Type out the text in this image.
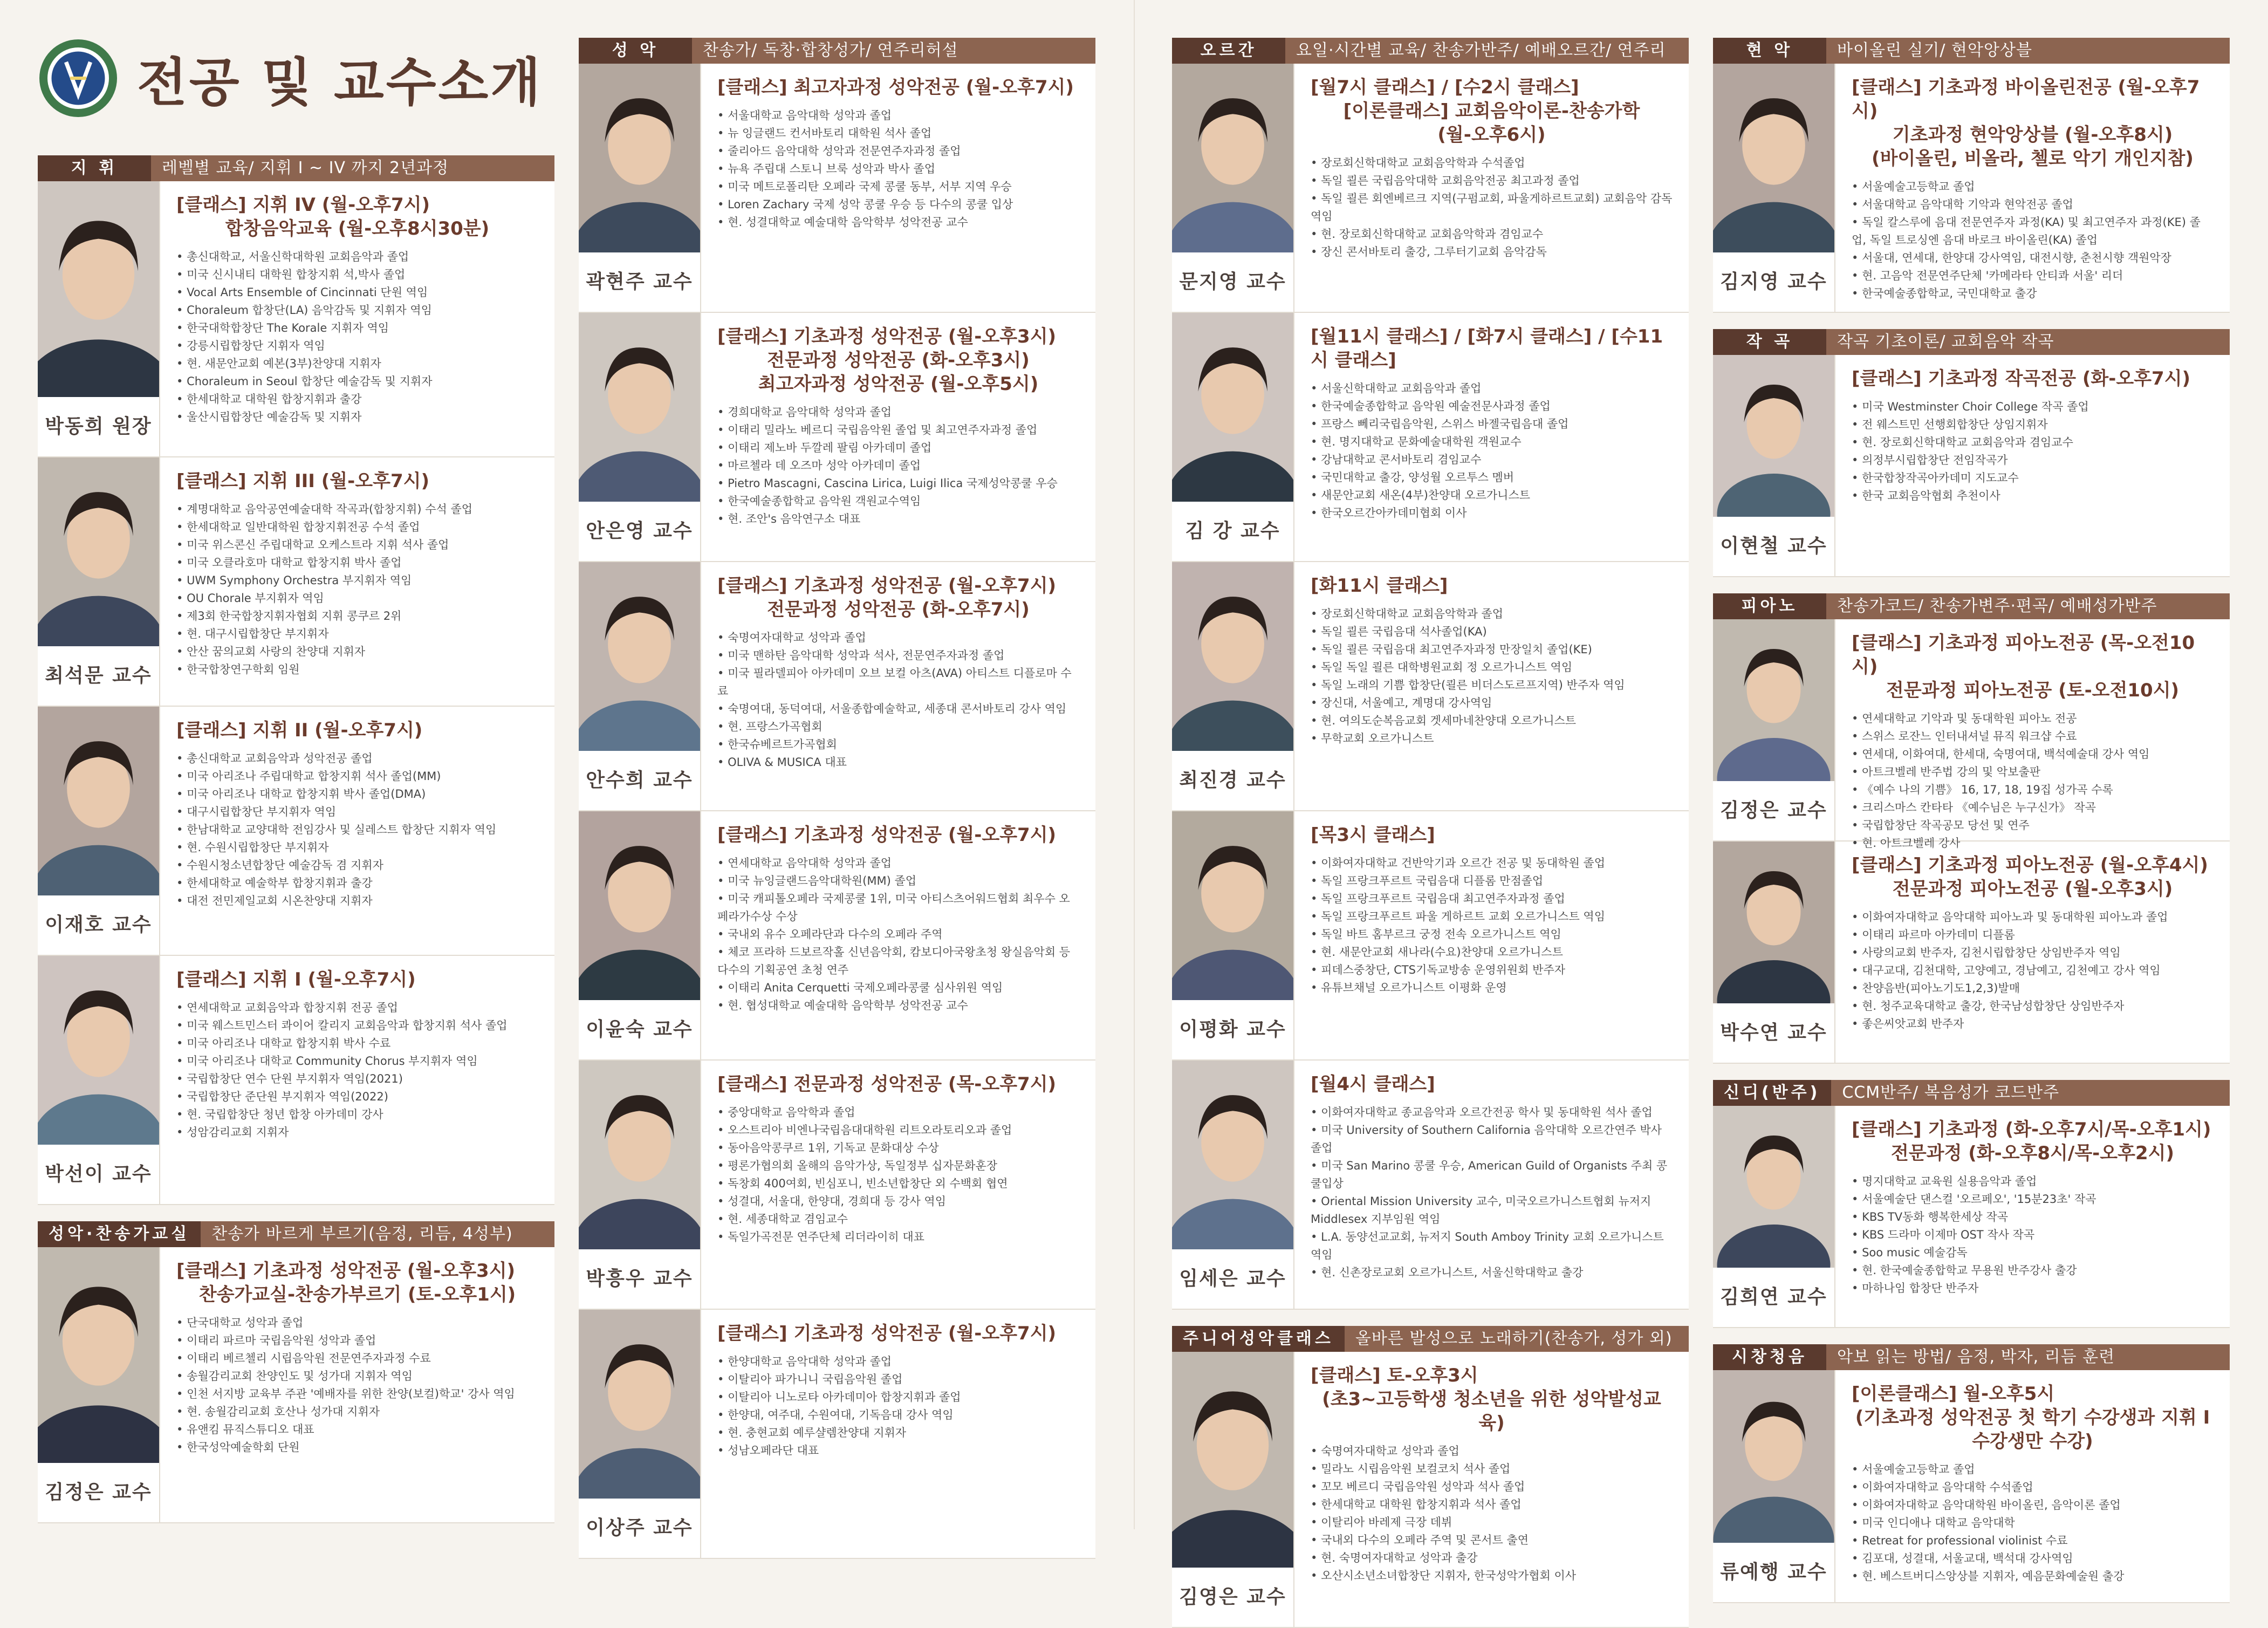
전공 및 교수소개
지 휘	레벨별 교육/ 지휘 I ~ IV 까지 2년과정
박동희 원장
[클래스] 지휘 IV (월-오후7시)
합창음악교육 (월-오후8시30분)
• 총신대학교, 서울신학대학원 교회음악과 졸업
• 미국 신시내티 대학원 합창지휘 석,박사 졸업
• Vocal Arts Ensemble of Cincinnati 단원 역임
• Choraleum 합창단(LA) 음악감독 및 지휘자 역임
• 한국대학합창단 The Korale 지휘자 역임
• 강릉시립합창단 지휘자 역임
• 현. 새문안교회 예본(3부)찬양대 지휘자
• Choraleum in Seoul 합창단 예술감독 및 지휘자
• 한세대학교 대학원 합창지휘과 출강
• 울산시립합창단 예술감독 및 지휘자
최석문 교수
[클래스] 지휘 III (월-오후7시)
• 계명대학교 음악공연예술대학 작곡과(합창지휘) 수석 졸업
• 한세대학교 일반대학원 합창지휘전공 수석 졸업
• 미국 위스콘신 주립대학교 오케스트라 지휘 석사 졸업
• 미국 오클라호마 대학교 합창지휘 박사 졸업
• UWM Symphony Orchestra 부지휘자 역임
• OU Chorale 부지휘자 역임
• 제3회 한국합창지휘자협회 지휘 콩쿠르 2위
• 현. 대구시립합창단 부지휘자
• 안산 꿈의교회 사랑의 찬양대 지휘자
• 한국합창연구학회 임원
이재호 교수
[클래스] 지휘 II (월-오후7시)
• 총신대학교 교회음악과 성악전공 졸업
• 미국 아리조나 주립대학교 합창지휘 석사 졸업(MM)
• 미국 아리조나 대학교 합창지휘 박사 졸업(DMA)
• 대구시립합창단 부지휘자 역임
• 한남대학교 교양대학 전임강사 및 실레스트 합창단 지휘자 역임
• 현. 수원시립합창단 부지휘자
• 수원시청소년합창단 예술감독 겸 지휘자
• 한세대학교 예술학부 합창지휘과 출강
• 대전 전민제일교회 시온찬양대 지휘자
박선이 교수
[클래스] 지휘 I (월-오후7시)
• 연세대학교 교회음악과 합창지휘 전공 졸업
• 미국 웨스트민스터 콰이어 칼리지 교회음악과 합창지휘 석사 졸업
• 미국 아리조나 대학교 합창지휘 박사 수료
• 미국 아리조나 대학교 Community Chorus 부지휘자 역임
• 국립합창단 연수 단원 부지휘자 역임(2021)
• 국립합창단 준단원 부지휘자 역임(2022)
• 현. 국립합창단 청년 합창 아카데미 강사
• 성암감리교회 지휘자
성악·찬송가교실	찬송가 바르게 부르기(음정, 리듬, 4성부)
김정은 교수
[클래스] 기초과정 성악전공 (월-오후3시)
찬송가교실-찬송가부르기 (토-오후1시)
• 단국대학교 성악과 졸업
• 이태리 파르마 국립음악원 성악과 졸업
• 이태리 베르첼리 시립음악원 전문연주자과정 수료
• 송월감리교회 찬양인도 및 성가대 지휘자 역임
• 인천 서지방 교육부 주관 '예배자를 위한 찬양(보컬)학교' 강사 역임
• 현. 송월감리교회 호산나 성가대 지휘자
• 유앤킴 뮤직스튜디오 대표
• 한국성악예술학회 단원
성 악	찬송가/ 독창·합창성가/ 연주리허설
곽현주 교수
[클래스] 최고자과정 성악전공 (월-오후7시)
• 서울대학교 음악대학 성악과 졸업
• 뉴 잉글랜드 컨서바토리 대학원 석사 졸업
• 줄리아드 음악대학 성악과 전문연주자과정 졸업
• 뉴욕 주립대 스토니 브룩 성악과 박사 졸업
• 미국 메트로폴리탄 오페라 국제 콩쿨 동부, 서부 지역 우승
• Loren Zachary 국제 성악 콩쿨 우승 등 다수의 콩쿨 입상
• 현. 성결대학교 예술대학 음악학부 성악전공 교수
안은영 교수
[클래스] 기초과정 성악전공 (월-오후3시)
전문과정 성악전공 (화-오후3시)
최고자과정 성악전공 (월-오후5시)
• 경희대학교 음악대학 성악과 졸업
• 이태리 밀라노 베르디 국립음악원 졸업 및 최고연주자과정 졸업
• 이태리 제노바 두깔레 팔림 아카데미 졸업
• 마르첼라 데 오즈마 성악 아카데미 졸업
• Pietro Mascagni, Cascina Lirica, Luigi Ilica 국제성악콩쿨 우승
• 한국예술종합학교 음악원 객원교수역임
• 현. 조안's 음악연구소 대표
안수희 교수
[클래스] 기초과정 성악전공 (월-오후7시)
전문과정 성악전공 (화-오후7시)
• 숙명여자대학교 성악과 졸업
• 미국 맨하탄 음악대학 성악과 석사, 전문연주자과정 졸업
• 미국 필라델피아 아카데미 오브 보컬 아츠(AVA) 아티스트 디플로마 수료
• 숙명여대, 동덕여대, 서울종합예술학교, 세종대 콘서바토리 강사 역임
• 현. 프랑스가곡협회
• 한국슈베르트가곡협회
• OLIVA & MUSICA 대표
이윤숙 교수
[클래스] 기초과정 성악전공 (월-오후7시)
• 연세대학교 음악대학 성악과 졸업
• 미국 뉴잉글랜드음악대학원(MM) 졸업
• 미국 캐피톨오페라 국제콩쿨 1위, 미국 아티스츠어워드협회 최우수 오페라가수상 수상
• 국내외 유수 오페라단과 다수의 오페라 주역
• 체코 프라하 드보르작홀 신년음악회, 캄보디아국왕초청 왕실음악회 등 다수의 기획공연 초청 연주
• 이태리 Anita Cerquetti 국제오페라콩쿨 심사위원 역임
• 현. 협성대학교 예술대학 음악학부 성악전공 교수
박흥우 교수
[클래스] 전문과정 성악전공 (목-오후7시)
• 중앙대학교 음악학과 졸업
• 오스트리아 비엔나국립음대대학원 리트오라토리오과 졸업
• 동아음악콩쿠르 1위, 기독교 문화대상 수상
• 평론가협의회 올해의 음악가상, 독일정부 십자문화훈장
• 독창회 400여회, 빈심포니, 빈소년합창단 외 수백회 협연
• 성결대, 서울대, 한양대, 경희대 등 강사 역임
• 현. 세종대학교 겸임교수
• 독일가곡전문 연주단체 리더라이히 대표
이상주 교수
[클래스] 기초과정 성악전공 (월-오후7시)
• 한양대학교 음악대학 성악과 졸업
• 이탈리아 파가니니 국립음악원 졸업
• 이탈리아 니노로타 아카데미아 합창지휘과 졸업
• 한양대, 여주대, 수원여대, 기독음대 강사 역임
• 현. 충현교회 예루샬렘찬양대 지휘자
• 성남오페라단 대표
오르간	요일·시간별 교육/ 찬송가반주/ 예배오르간/ 연주리허설
문지영 교수
[월7시 클래스] / [수2시 클래스]
[이론클래스] 교회음악이론-찬송가학
(월-오후6시)
• 장로회신학대학교 교회음악학과 수석졸업
• 독일 쾰른 국립음악대학 교회음악전공 최고과정 졸업
• 독일 쾰른 회엔베르크 지역(구펌교회, 파울게하르트교회) 교회음악 감독 역임
• 현. 장로회신학대학교 교회음악학과 겸임교수
• 장신 콘서바토리 출강, 그루터기교회 음악감독
김 강 교수
[월11시 클래스] / [화7시 클래스] / [수11시 클래스]
• 서울신학대학교 교회음악과 졸업
• 한국예술종합학교 음악원 예술전문사과정 졸업
• 프랑스 뻬리국립음악원, 스위스 바젤국립음대 졸업
• 현. 명지대학교 문화예술대학원 객원교수
• 강남대학교 콘서바토리 겸임교수
• 국민대학교 출강, 양성월 오르투스 멤버
• 새문안교회 새온(4부)찬양대 오르가니스트
• 한국오르간아카데미협회 이사
최진경 교수
[화11시 클래스]
• 장로회신학대학교 교회음악학과 졸업
• 독일 쾰른 국립음대 석사졸업(KA)
• 독일 쾰른 국립음대 최고연주자과정 만장일치 졸업(KE)
• 독일 독일 쾰른 대학병원교회 정 오르가니스트 역임
• 독일 노래의 기쁨 합창단(쾰른 비더스도르프지역) 반주자 역임
• 장신대, 서울예고, 계명대 강사역임
• 현. 여의도순복음교회 겟세마네찬양대 오르가니스트
• 무학교회 오르가니스트
이평화 교수
[목3시 클래스]
• 이화여자대학교 건반악기과 오르간 전공 및 동대학원 졸업
• 독일 프랑크푸르트 국립음대 디플롬 만점졸업
• 독일 프랑크푸르트 국립음대 최고연주자과정 졸업
• 독일 프랑크푸르트 파울 게하르트 교회 오르가니스트 역임
• 독일 바트 홈부르크 궁정 전속 오르가니스트 역임
• 현. 새문안교회 새나라(수요)찬양대 오르가니스트
• 피데스중창단, CTS기독교방송 운영위원회 반주자
• 유튜브채널 오르가니스트 이평화 운영
임세은 교수
[월4시 클래스]
• 이화여자대학교 종교음악과 오르간전공 학사 및 동대학원 석사 졸업
• 미국 University of Southern California 음악대학 오르간연주 박사 졸업
• 미국 San Marino 콩쿨 우승, American Guild of Organists 주최 콩쿨입상
• Oriental Mission University 교수, 미국오르가니스트협회 뉴저지 Middlesex 지부임원 역임
• L.A. 동양선교교회, 뉴저지 South Amboy Trinity 교회 오르가니스트 역임
• 현. 신촌장로교회 오르가니스트, 서울신학대학교 출강
주니어성악클래스	올바른 발성으로 노래하기(찬송가, 성가 외)
김영은 교수
[클래스] 토-오후3시
(초3~고등학생 청소년을 위한 성악발성교육)
• 숙명여자대학교 성악과 졸업
• 밀라노 시립음악원 보컬코치 석사 졸업
• 꼬모 베르디 국립음악원 성악과 석사 졸업
• 한세대학교 대학원 합창지휘과 석사 졸업
• 이탈리아 바레제 극장 데뷔
• 국내외 다수의 오페라 주역 및 콘서트 출연
• 현. 숙명여자대학교 성악과 출강
• 오산시소년소녀합창단 지휘자, 한국성악가협회 이사
현 악	바이올린 실기/ 현악앙상블
김지영 교수
[클래스] 기초과정 바이올린전공 (월-오후7시)
기초과정 현악앙상블 (월-오후8시)
(바이올린, 비올라, 첼로 악기 개인지참)
• 서울예술고등학교 졸업
• 서울대학교 음악대학 기악과 현악전공 졸업
• 독일 칼스루에 음대 전문연주자 과정(KA) 및 최고연주자 과정(KE) 졸업, 독일 트로싱엔 음대 바로크 바이올린(KA) 졸업
• 서울대, 연세대, 한양대 강사역임, 대전시향, 춘천시향 객원악장
• 현. 고음악 전문연주단체 '카메라타 안티콰 서울' 리더
• 한국예술종합학교, 국민대학교 출강
작 곡	작곡 기초이론/ 교회음악 작곡
이현철 교수
[클래스] 기초과정 작곡전공 (화-오후7시)
• 미국 Westminster Choir College 작곡 졸업
• 전 웨스트민 선행회합창단 상임지휘자
• 현. 장로회신학대학교 교회음악과 겸임교수
• 의정부시립합창단 전임작곡가
• 한국합창작곡아카데미 지도교수
• 한국 교회음악협회 추천이사
피아노	찬송가코드/ 찬송가변주·편곡/ 예배성가반주
김정은 교수
[클래스] 기초과정 피아노전공 (목-오전10시)
전문과정 피아노전공 (토-오전10시)
• 연세대학교 기악과 및 동대학원 피아노 전공
• 스위스 로잔느 인터내셔널 뮤직 워크샵 수료
• 연세대, 이화여대, 한세대, 숙명여대, 백석예술대 강사 역임
• 아트크벨레 반주법 강의 및 악보출판
• 《예수 나의 기쁨》 16, 17, 18, 19집 성가곡 수록
• 크리스마스 칸타타 《예수님은 누구신가》 작곡
• 국립합창단 작곡공모 당선 및 연주
• 현. 아트크벨레 강사
박수연 교수
[클래스] 기초과정 피아노전공 (월-오후4시)
전문과정 피아노전공 (월-오후3시)
• 이화여자대학교 음악대학 피아노과 및 동대학원 피아노과 졸업
• 이태리 파르마 아카데미 디플롬
• 사랑의교회 반주자, 김천시립합창단 상임반주자 역임
• 대구교대, 김천대학, 고양예고, 경남예고, 김천예고 강사 역임
• 찬양음반(피아노기도1,2,3)발매
• 현. 청주교육대학교 출강, 한국남성합창단 상임반주자
• 좋은씨앗교회 반주자
신디(반주)	CCM반주/ 복음성가 코드반주
김희연 교수
[클래스] 기초과정 (화-오후7시/목-오후1시)
전문과정 (화-오후8시/목-오후2시)
• 명지대학교 교육원 실용음악과 졸업
• 서울예술단 댄스컬 '오르페오', '15분23초' 작곡
• KBS TV동화 행복한세상 작곡
• KBS 드라마 이제마 OST 작사 작곡
• Soo music 예술감독
• 현. 한국예술종합학교 무용원 반주강사 출강
• 마하나임 합창단 반주자
시창청음	악보 읽는 방법/ 음정, 박자, 리듬 훈련
류예행 교수
[이론클래스] 월-오후5시
(기초과정 성악전공 첫 학기 수강생과 지휘 I 수강생만 수강)
• 서울예술고등학교 졸업
• 이화여자대학교 음악대학 수석졸업
• 이화여자대학교 음악대학원 바이올린, 음악이론 졸업
• 미국 인디애나 대학교 음악대학
• Retreat for professional violinist 수료
• 김포대, 성결대, 서울교대, 백석대 강사역임
• 현. 베스트버디스앙상블 지휘자, 예음문화예술원 출강
